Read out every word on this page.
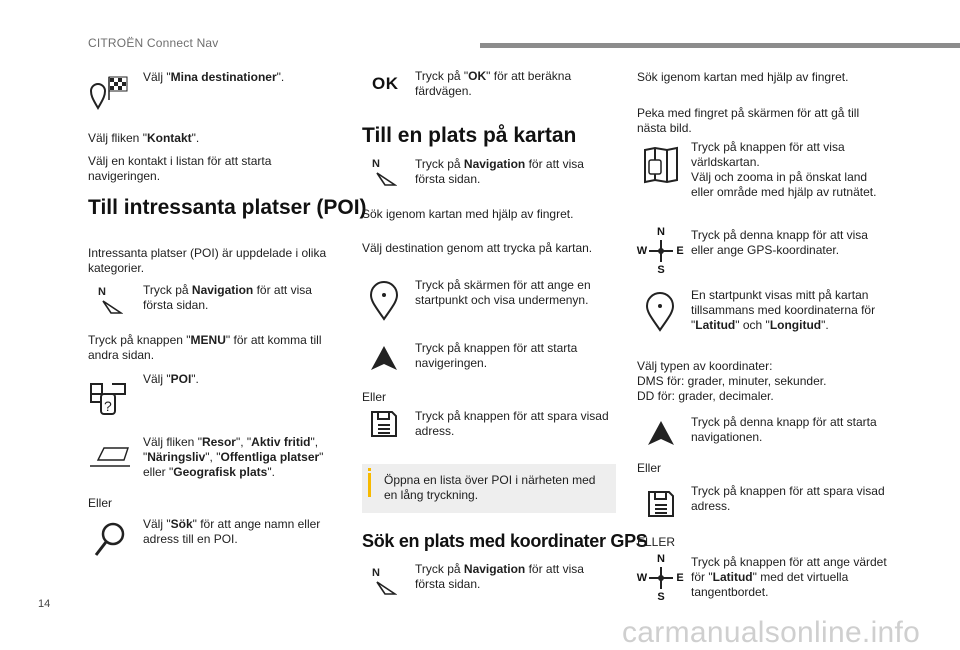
CITROËN Connect Nav
Välj "Mina destinationer".
Välj fliken "Kontakt".
Välj en kontakt i listan för att starta
navigeringen.
Till intressanta platser (POI)
Intressanta platser (POI) är uppdelade i olika
kategorier.
N	Tryck på Navigation för att visa
första sidan.
Tryck på knappen "MENU" för att komma till
andra sidan.
?
Välj "POI".
Välj fliken "Resor", "Aktiv fritid",
"Näringsliv", "Offentliga platser"
eller "Geografisk plats".
Eller
Välj "Sök" för att ange namn eller
adress till en POI.
OK Tryck på "OK" för att beräkna
färdvägen.
Till en plats på kartan
N	Tryck på Navigation för att visa
första sidan.
Sök igenom kartan med hjälp av fingret.
Välj destination genom att trycka på kartan.
Tryck på skärmen för att ange en
startpunkt och visa undermenyn.
Tryck på knappen för att starta
navigeringen.
Eller
Tryck på knappen för att spara visad
adress.
Öppna en lista över POI i närheten med
en lång tryckning.
Sök en plats med koordinater GPS
N	Tryck på Navigation för att visa
första sidan.
Sök igenom kartan med hjälp av fingret.
Peka med fingret på skärmen för att gå till
nästa bild.
Tryck på knappen för att visa
världskartan.
Välj och zooma in på önskat land
eller område med hjälp av rutnätet.
N
S
W	E
Tryck på denna knapp för att visa
eller ange GPS-koordinater.
En startpunkt visas mitt på kartan
tillsammans med koordinaterna för
"Latitud" och "Longitud".
Välj typen av koordinater:
DMS för: grader, minuter, sekunder.
DD för: grader, decimaler.
Tryck på denna knapp för att starta
navigationen.
Eller
Tryck på knappen för att spara visad
adress.
ELLER
N
S
W	E
Tryck på knappen för att ange värdet
för "Latitud" med det virtuella
tangentbordet.
14
carmanualsonline.info
